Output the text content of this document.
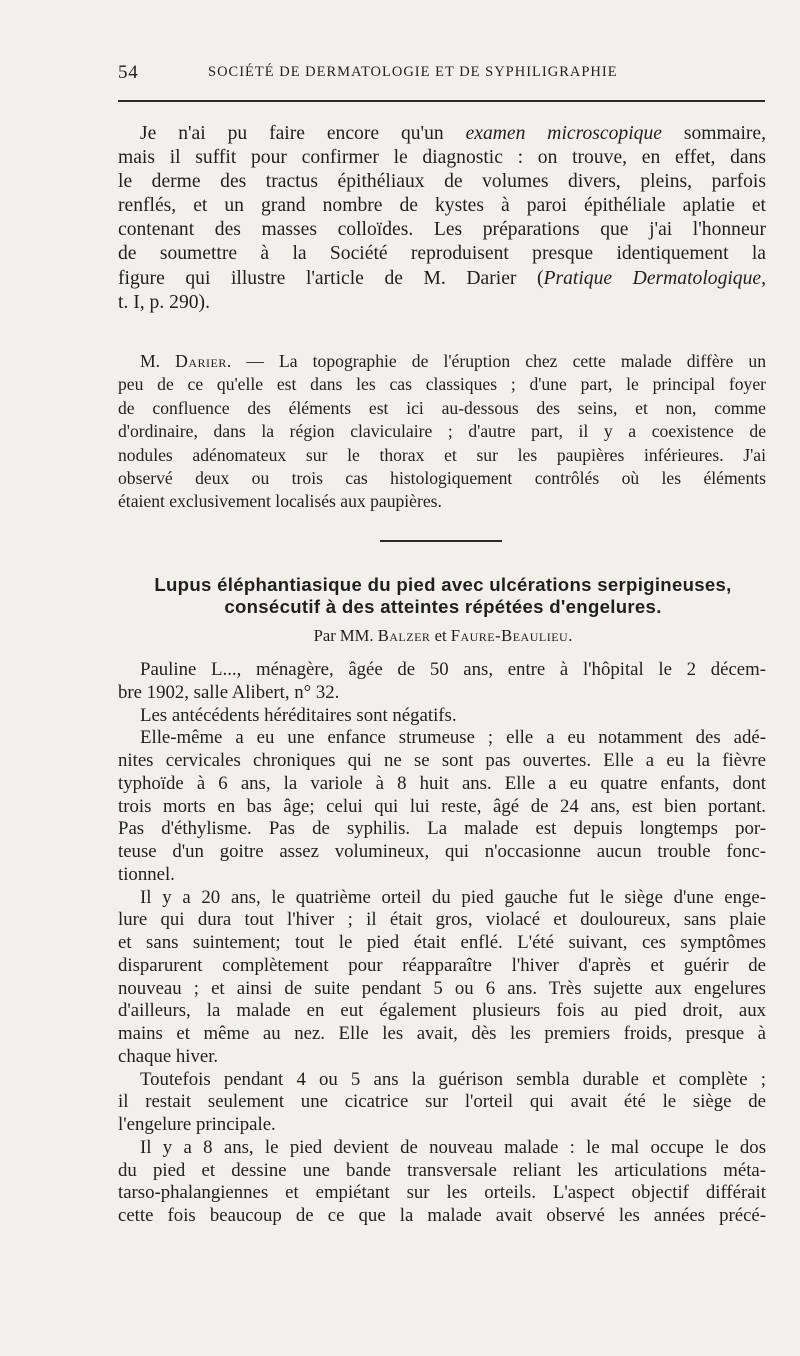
54	SOCIÉTÉ DE DERMATOLOGIE ET DE SYPHILIGRAPHIE
Je n'ai pu faire encore qu'un examen microscopique sommaire,
mais il suffit pour confirmer le diagnostic : on trouve, en effet, dans
le derme des tractus épithéliaux de volumes divers, pleins, parfois
renflés, et un grand nombre de kystes à paroi épithéliale aplatie et
contenant des masses colloïdes. Les préparations que j'ai l'honneur
de soumettre à la Société reproduisent presque identiquement la
figure qui illustre l'article de M. Darier (Pratique Dermatologique,
t. I, p. 290).
M. Darier. — La topographie de l'éruption chez cette malade diffère un
peu de ce qu'elle est dans les cas classiques ; d'une part, le principal foyer
de confluence des éléments est ici au-dessous des seins, et non, comme
d'ordinaire, dans la région claviculaire ; d'autre part, il y a coexistence de
nodules adénomateux sur le thorax et sur les paupières inférieures. J'ai
observé deux ou trois cas histologiquement contrôlés où les éléments
étaient exclusivement localisés aux paupières.
Lupus éléphantiasique du pied avec ulcérations serpigineuses,
consécutif à des atteintes répétées d'engelures.
Par MM. Balzer et Faure-Beaulieu.
Pauline L..., ménagère, âgée de 50 ans, entre à l'hôpital le 2 décem-
bre 1902, salle Alibert, n° 32.
Les antécédents héréditaires sont négatifs.
Elle-même a eu une enfance strumeuse ; elle a eu notamment des adé-
nites cervicales chroniques qui ne se sont pas ouvertes. Elle a eu la fièvre
typhoïde à 6 ans, la variole à 8 huit ans. Elle a eu quatre enfants, dont
trois morts en bas âge; celui qui lui reste, âgé de 24 ans, est bien portant.
Pas d'éthylisme. Pas de syphilis. La malade est depuis longtemps por-
teuse d'un goitre assez volumineux, qui n'occasionne aucun trouble fonc-
tionnel.
Il y a 20 ans, le quatrième orteil du pied gauche fut le siège d'une enge-
lure qui dura tout l'hiver ; il était gros, violacé et douloureux, sans plaie
et sans suintement; tout le pied était enflé. L'été suivant, ces symptômes
disparurent complètement pour réapparaître l'hiver d'après et guérir de
nouveau ; et ainsi de suite pendant 5 ou 6 ans. Très sujette aux engelures
d'ailleurs, la malade en eut également plusieurs fois au pied droit, aux
mains et même au nez. Elle les avait, dès les premiers froids, presque à
chaque hiver.
Toutefois pendant 4 ou 5 ans la guérison sembla durable et complète ;
il restait seulement une cicatrice sur l'orteil qui avait été le siège de
l'engelure principale.
Il y a 8 ans, le pied devient de nouveau malade : le mal occupe le dos
du pied et dessine une bande transversale reliant les articulations méta-
tarso-phalangiennes et empiétant sur les orteils. L'aspect objectif différait
cette fois beaucoup de ce que la malade avait observé les années précé-
